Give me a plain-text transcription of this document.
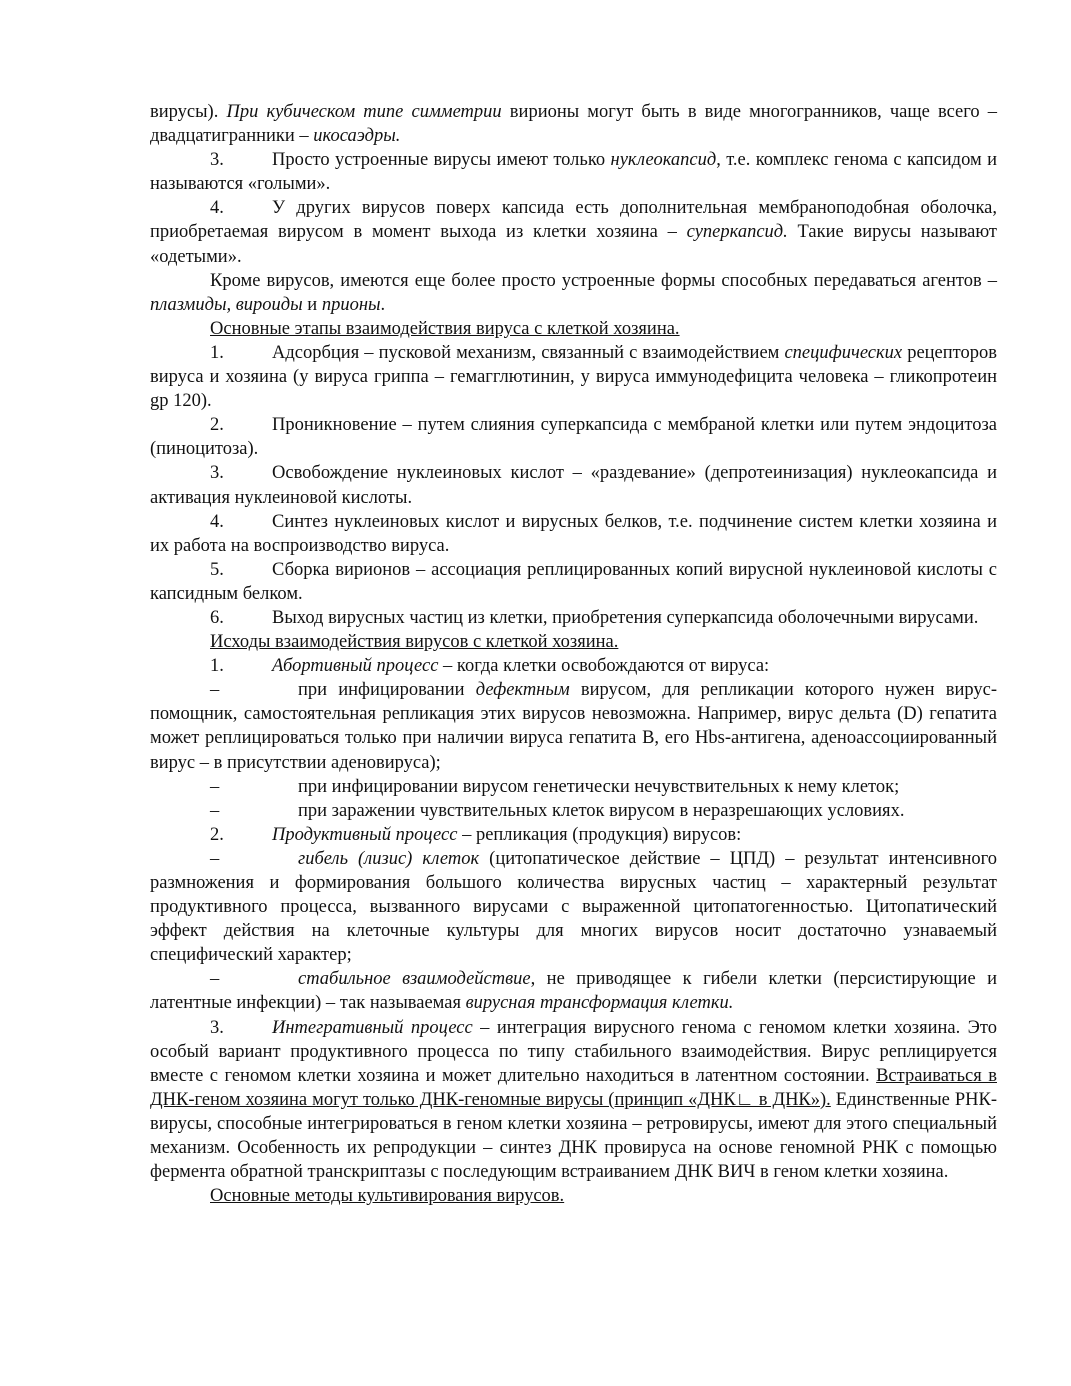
вирусы). При кубическом типе симметрии вирионы могут быть в виде многогранников, чаще всего – двадцатигранники – икосаэдры.

3.	Просто устроенные вирусы имеют только нуклеокапсид, т.е. комплекс генома с капсидом и называются «голыми».

4.	У других вирусов поверх капсида есть дополнительная мембраноподобная оболочка, приобретаемая вирусом в момент выхода из клетки хозяина – суперкапсид. Такие вирусы называют «одетыми».

Кроме вирусов, имеются еще более просто устроенные формы способных передаваться агентов – плазмиды, вироиды и прионы.

Основные этапы взаимодействия вируса с клеткой хозяина.

1.	Адсорбция – пусковой механизм, связанный с взаимодействием специфических рецепторов вируса и хозяина (у вируса гриппа – гемагглютинин, у вируса иммунодефицита человека – гликопротеин gp 120).

2.	Проникновение – путем слияния суперкапсида с мембраной клетки или путем эндоцитоза (пиноцитоза).

3.	Освобождение нуклеиновых кислот – «раздевание» (депротеинизация) нуклеокапсида и активация нуклеиновой кислоты.

4.	Синтез нуклеиновых кислот и вирусных белков, т.е. подчинение систем клетки хозяина и их работа на воспроизводство вируса.

5.	Сборка вирионов – ассоциация реплицированных копий вирусной нуклеиновой кислоты с капсидным белком.

6.	Выход вирусных частиц из клетки, приобретения суперкапсида оболочечными вирусами.

Исходы взаимодействия вирусов с клеткой хозяина.

1.	Абортивный процесс – когда клетки освобождаются от вируса:

–	при инфицировании дефектным вирусом, для репликации которого нужен вирус-помощник, самостоятельная репликация этих вирусов невозможна. Например, вирус дельта (D) гепатита может реплицироваться только при наличии вируса гепатита В, его Hbs-антигена, аденоассоциированный вирус – в присутствии аденовируса);

–	при инфицировании вирусом генетически нечувствительных к нему клеток;

–	при заражении чувствительных клеток вирусом в неразрешающих условиях.

2.	Продуктивный процесс – репликация (продукция) вирусов:

–	гибель (лизис) клеток (цитопатическое действие – ЦПД) – результат интенсивного размножения и формирования большого количества вирусных частиц – характерный результат продуктивного процесса, вызванного вирусами с выраженной цитопатогенностью. Цитопатический эффект действия на клеточные культуры для многих вирусов носит достаточно узнаваемый специфический характер;

–	стабильное взаимодействие, не приводящее к гибели клетки (персистирующие и латентные инфекции) – так называемая вирусная трансформация клетки.

3.	Интегративный процесс – интеграция вирусного генома с геномом клетки хозяина. Это особый вариант продуктивного процесса по типу стабильного взаимодействия. Вирус реплицируется вместе с геномом клетки хозяина и может длительно находиться в латентном состоянии. Встраиваться в ДНК-геном хозяина могут только ДНК-геномные вирусы (принцип «ДНК∟ в ДНК»). Единственные РНК-вирусы, способные интегрироваться в геном клетки хозяина – ретровирусы, имеют для этого специальный механизм. Особенность их репродукции – синтез ДНК провируса на основе геномной РНК с помощью фермента обратной транскриптазы с последующим встраиванием ДНК ВИЧ в геном клетки хозяина.

Основные методы культивирования вирусов.
